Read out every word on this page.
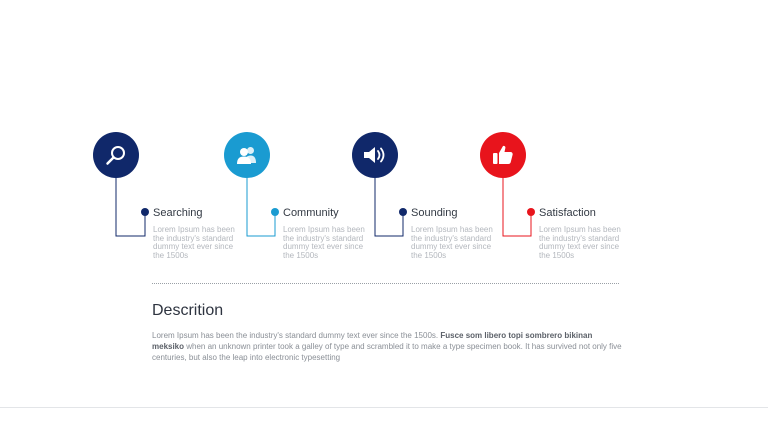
Searching
Lorem Ipsum has been the industry's standard dummy text ever since the 1500s
Community
Lorem Ipsum has been the industry's standard dummy text ever since the 1500s
Sounding
Lorem Ipsum has been the industry's standard dummy text ever since the 1500s
Satisfaction
Lorem Ipsum has been the industry's standard dummy text ever since the 1500s
Descrition
Lorem Ipsum has been the industry's standard dummy text ever since the 1500s. Fusce som libero topi sombrero bikinan meksiko when an unknown printer took a galley of type and scrambled it to make a type specimen book. It has survived not only five centuries, but also the leap into electronic typesetting
